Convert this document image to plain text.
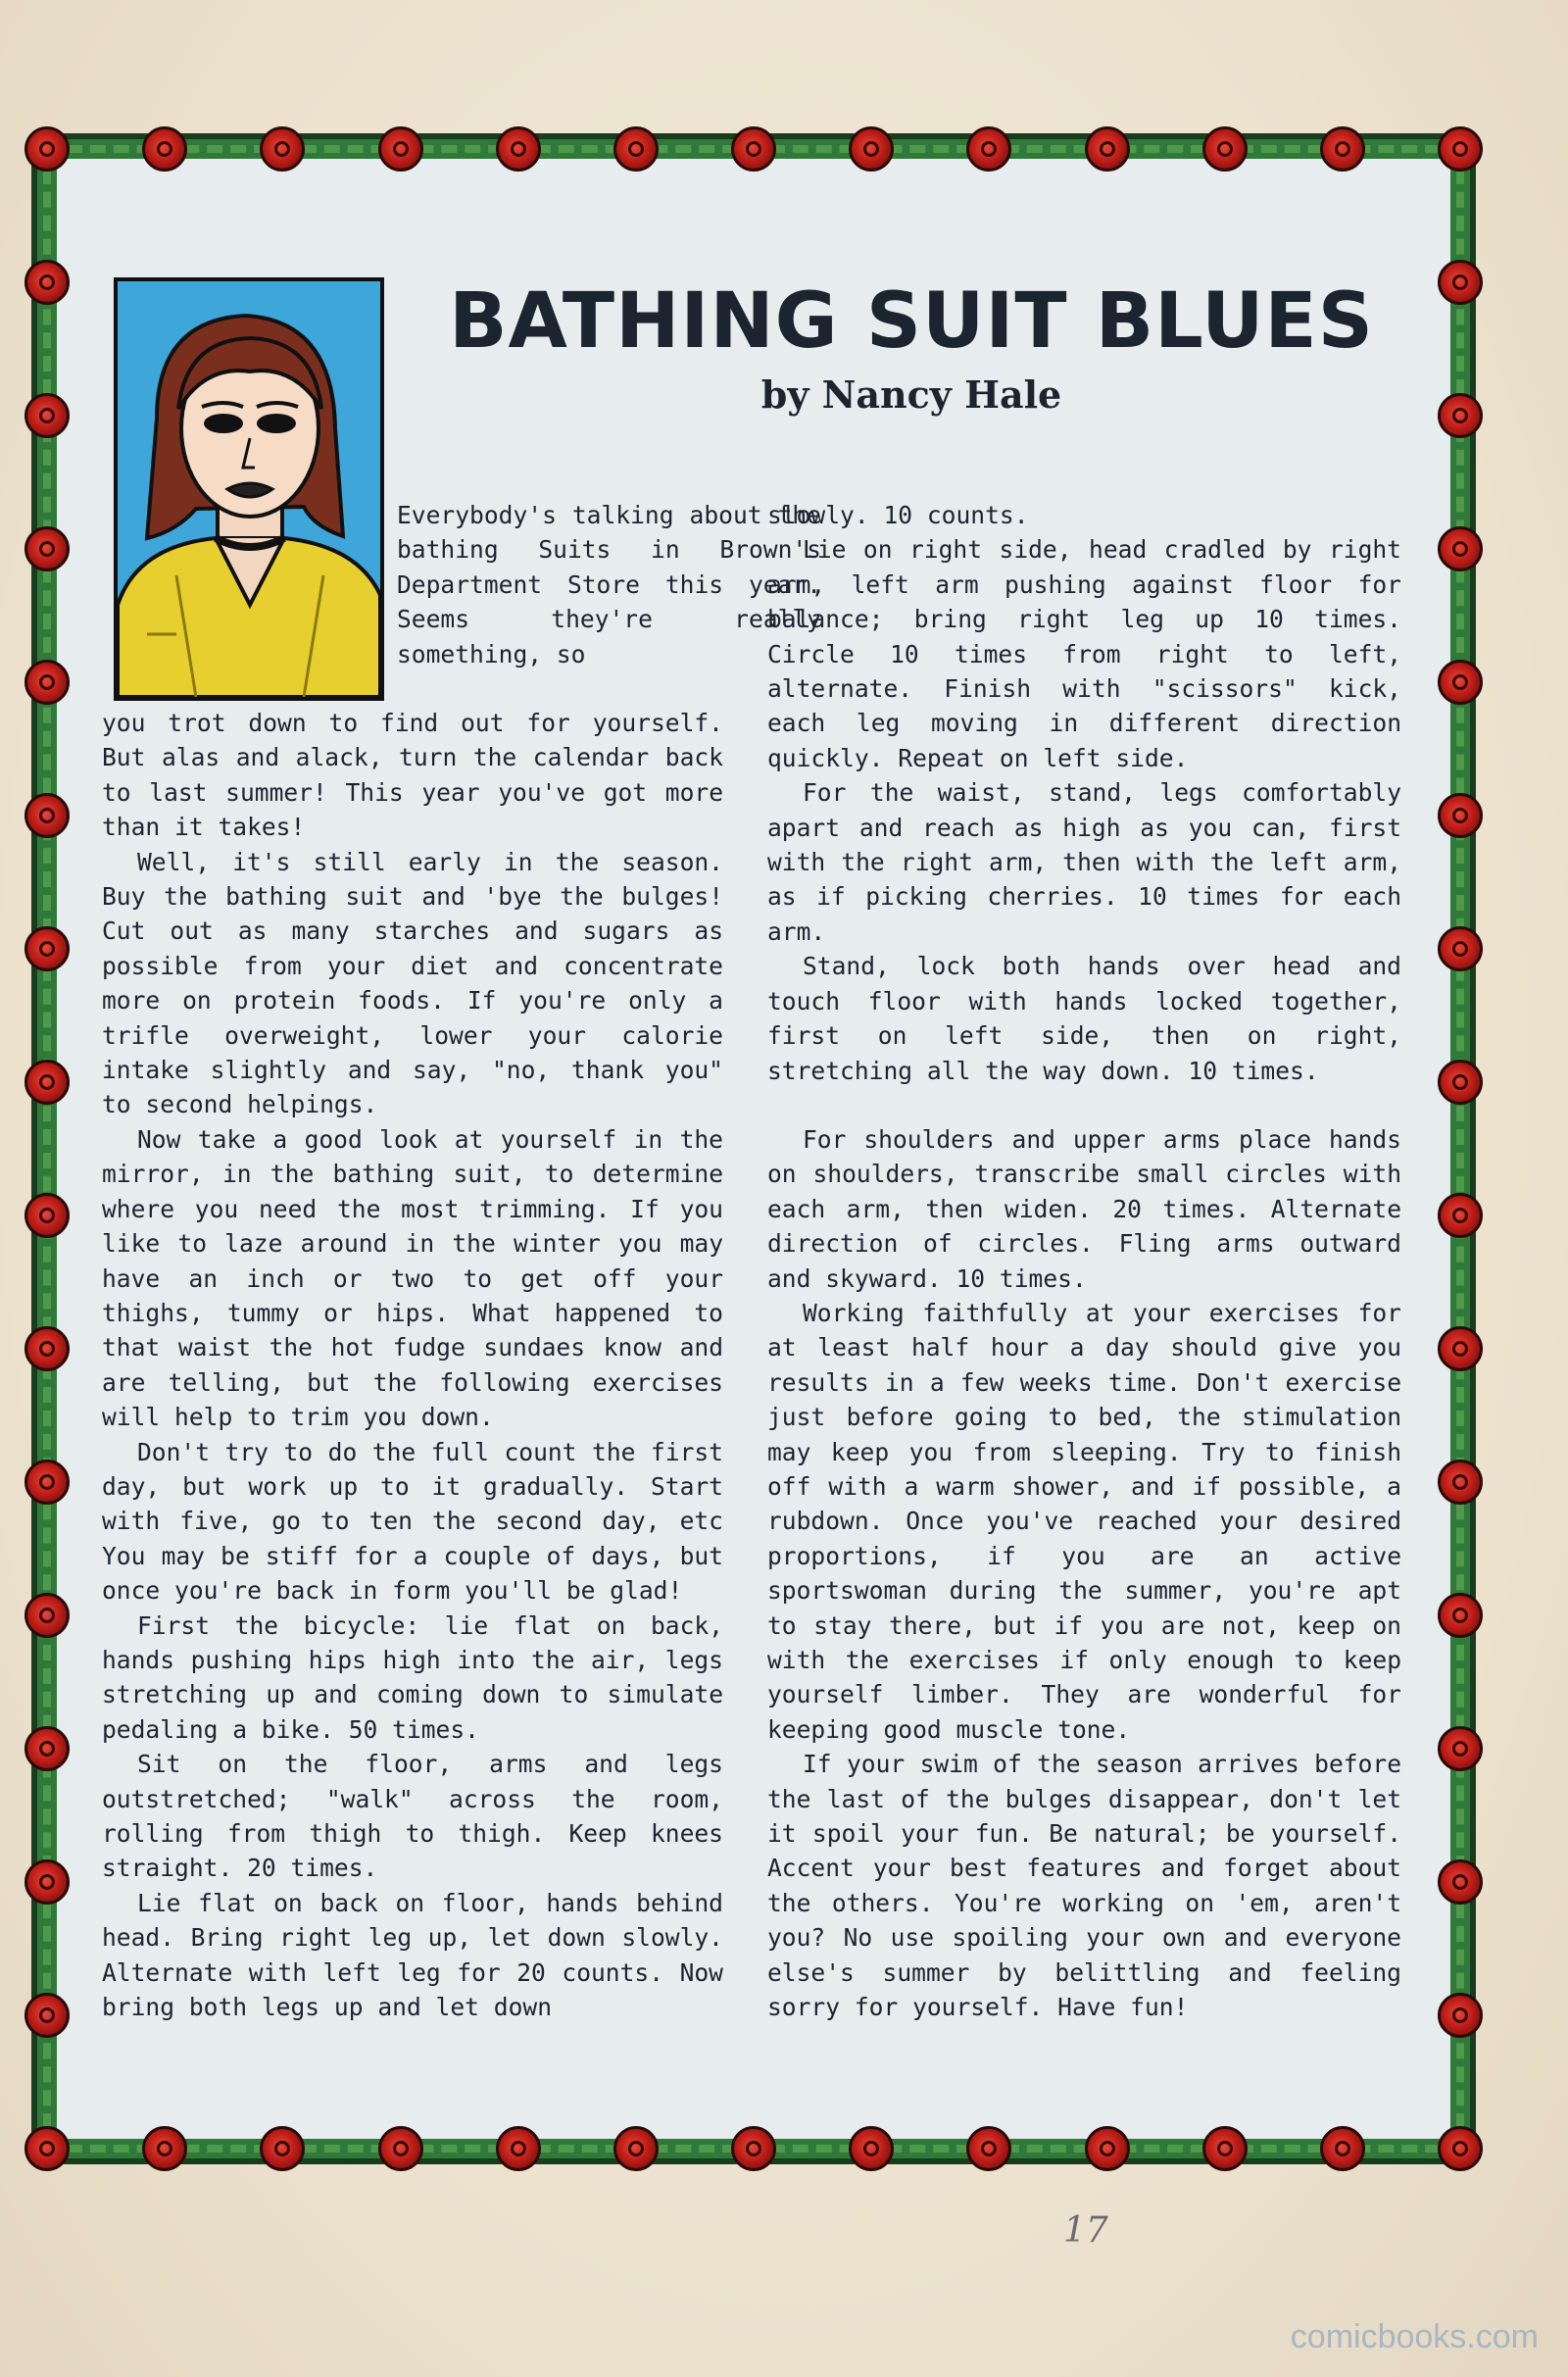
BATHING SUIT BLUES
by Nancy Hale

Everybody's talking about the bathing Suits in Brown's Department Store this year. Seems they're really something, so

you trot down to find out for yourself. But alas and alack, turn the calendar back to last summer! This year you've got more than it takes!

Well, it's still early in the season. Buy the bathing suit and 'bye the bulges! Cut out as many starches and sugars as possible from your diet and concentrate more on protein foods. If you're only a trifle overweight, lower your calorie intake slightly and say, "no, thank you" to second helpings.

Now take a good look at yourself in the mirror, in the bathing suit, to determine where you need the most trimming. If you like to laze around in the winter you may have an inch or two to get off your thighs, tummy or hips. What happened to that waist the hot fudge sundaes know and are telling, but the following exercises will help to trim you down.

Don't try to do the full count the first day, but work up to it gradually. Start with five, go to ten the second day, etc You may be stiff for a couple of days, but once you're back in form you'll be glad!

First the bicycle: lie flat on back, hands pushing hips high into the air, legs stretching up and coming down to simulate pedaling a bike. 50 times.

Sit on the floor, arms and legs outstretched; "walk" across the room, rolling from thigh to thigh. Keep knees straight. 20 times.

Lie flat on back on floor, hands behind head. Bring right leg up, let down slowly. Alternate with left leg for 20 counts. Now bring both legs up and let down

slowly. 10 counts.

Lie on right side, head cradled by right arm, left arm pushing against floor for balance; bring right leg up 10 times. Circle 10 times from right to left, alternate. Finish with "scissors" kick, each leg moving in different direction quickly. Repeat on left side.

For the waist, stand, legs comfortably apart and reach as high as you can, first with the right arm, then with the left arm, as if picking cherries. 10 times for each arm.

Stand, lock both hands over head and touch floor with hands locked together, first on left side, then on right, stretching all the way down. 10 times.

For shoulders and upper arms place hands on shoulders, transcribe small circles with each arm, then widen. 20 times. Alternate direction of circles. Fling arms outward and skyward. 10 times.

Working faithfully at your exercises for at least half hour a day should give you results in a few weeks time. Don't exercise just before going to bed, the stimulation may keep you from sleeping. Try to finish off with a warm shower, and if possible, a rubdown. Once you've reached your desired proportions, if you are an active sportswoman during the summer, you're apt to stay there, but if you are not, keep on with the exercises if only enough to keep yourself limber. They are wonderful for keeping good muscle tone.

If your swim of the season arrives before the last of the bulges disappear, don't let it spoil your fun. Be natural; be yourself. Accent your best features and forget about the others. You're working on 'em, aren't you? No use spoiling your own and everyone else's summer by belittling and feeling sorry for yourself. Have fun!

17

comicbooks.com
